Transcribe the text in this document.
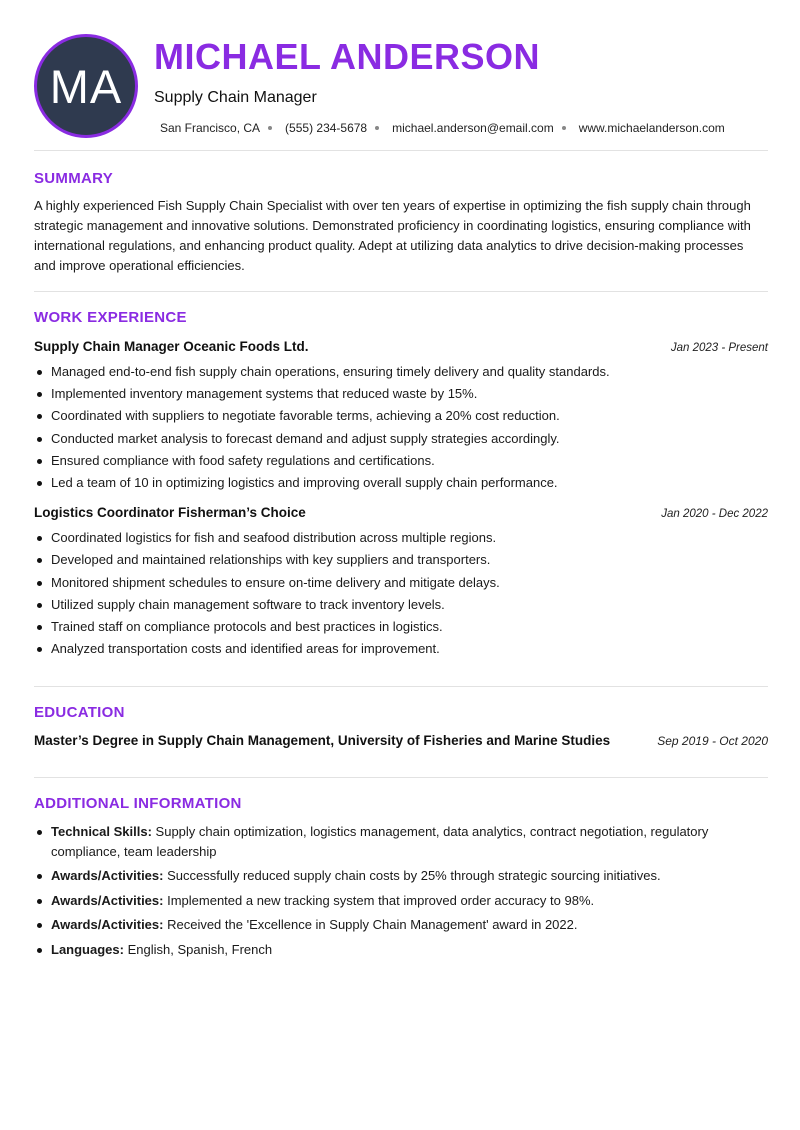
MA
MICHAEL ANDERSON
Supply Chain Manager
San Francisco, CA (555) 234-5678 michael.anderson@email.com www.michaelanderson.com
SUMMARY

A highly experienced Fish Supply Chain Specialist with over ten years of expertise in optimizing the fish supply chain through strategic management and innovative solutions. Demonstrated proficiency in coordinating logistics, ensuring compliance with international regulations, and enhancing product quality. Adept at utilizing data analytics to drive decision-making processes and improve operational efficiencies.

WORK EXPERIENCE
Supply Chain Manager Oceanic Foods Ltd.	Jan 2023 - Present
Managed end-to-end fish supply chain operations, ensuring timely delivery and quality standards.
Implemented inventory management systems that reduced waste by 15%.
Coordinated with suppliers to negotiate favorable terms, achieving a 20% cost reduction.
Conducted market analysis to forecast demand and adjust supply strategies accordingly.
Ensured compliance with food safety regulations and certifications.
Led a team of 10 in optimizing logistics and improving overall supply chain performance.
Logistics Coordinator Fisherman’s Choice	Jan 2020 - Dec 2022
Coordinated logistics for fish and seafood distribution across multiple regions.
Developed and maintained relationships with key suppliers and transporters.
Monitored shipment schedules to ensure on-time delivery and mitigate delays.
Utilized supply chain management software to track inventory levels.
Trained staff on compliance protocols and best practices in logistics.
Analyzed transportation costs and identified areas for improvement.
EDUCATION
Master’s Degree in Supply Chain Management, University of Fisheries and Marine Studies	Sep 2019 - Oct 2020
ADDITIONAL INFORMATION
Technical Skills: Supply chain optimization, logistics management, data analytics, contract negotiation, regulatory compliance, team leadership
Awards/Activities: Successfully reduced supply chain costs by 25% through strategic sourcing initiatives.
Awards/Activities: Implemented a new tracking system that improved order accuracy to 98%.
Awards/Activities: Received the 'Excellence in Supply Chain Management' award in 2022.
Languages: English, Spanish, French
